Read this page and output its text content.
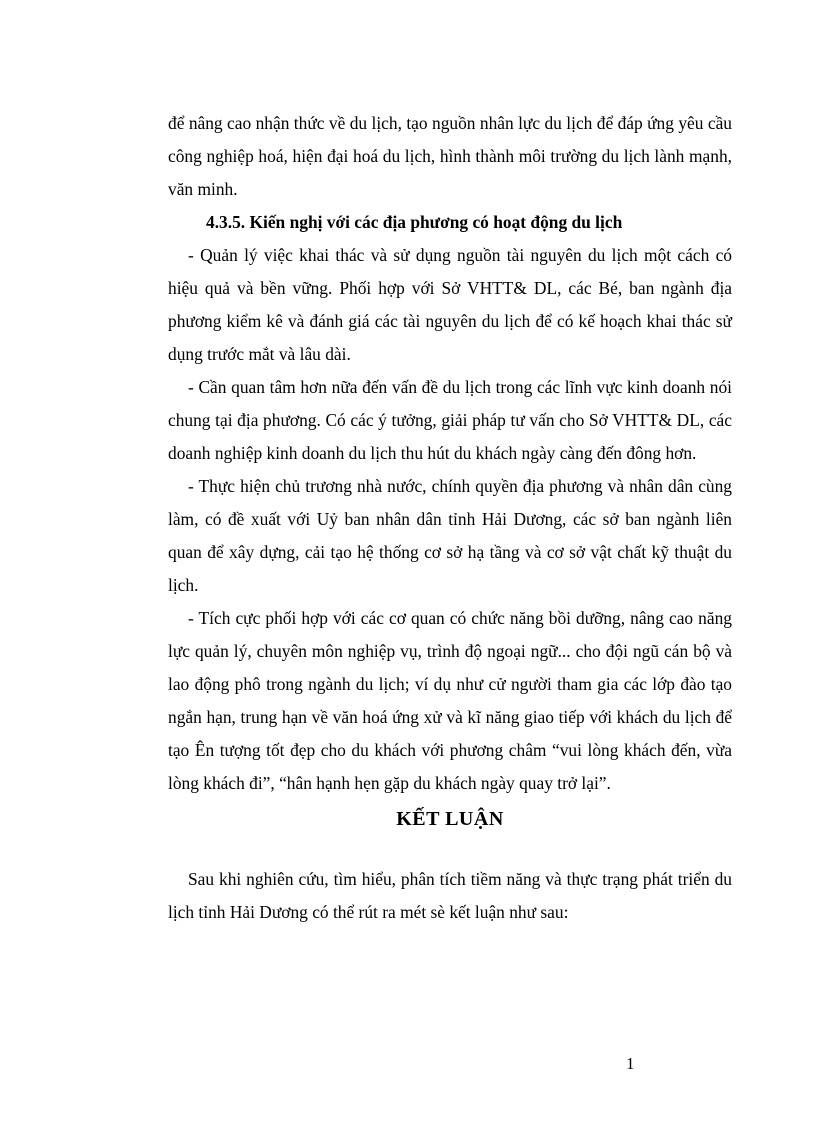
để nâng cao nhận thức về du lịch, tạo nguồn nhân lực du lịch để đáp ứng yêu cầu công nghiệp hoá, hiện đại hoá du lịch, hình thành môi trường du lịch lành mạnh, văn minh.

4.3.5. Kiến nghị với các địa phương có hoạt động du lịch

- Quản lý việc khai thác và sử dụng nguồn tài nguyên du lịch một cách có hiệu quả và bền vững. Phối hợp với Sở VHTT& DL, các Bé, ban ngành địa phương kiểm kê và đánh giá các tài nguyên du lịch để có kế hoạch khai thác sử dụng trước mắt và lâu dài.

- Cần quan tâm hơn nữa đến vấn đề du lịch trong các lĩnh vực kinh doanh nói chung tại địa phương. Có các ý tưởng, giải pháp tư vấn cho Sở VHTT& DL, các doanh nghiệp kinh doanh du lịch thu hút du khách ngày càng đến đông hơn.

- Thực hiện chủ trương nhà nước, chính quyền địa phương và nhân dân cùng làm, có đề xuất với Uỷ ban nhân dân tỉnh Hải Dương, các sở ban ngành liên quan để xây dựng, cải tạo hệ thống cơ sở hạ tầng và cơ sở vật chất kỹ thuật du lịch.

- Tích cực phối hợp với các cơ quan có chức năng bồi dưỡng, nâng cao năng lực quản lý, chuyên môn nghiệp vụ, trình độ ngoại ngữ... cho đội ngũ cán bộ và lao động phô trong ngành du lịch; ví dụ như cử người tham gia các lớp đào tạo ngắn hạn, trung hạn về văn hoá ứng xử và kĩ năng giao tiếp với khách du lịch để tạo Ên tượng tốt đẹp cho du khách với phương châm “vui lòng khách đến, vừa lòng khách đi”, “hân hạnh hẹn gặp du khách ngày quay trở lại”.

KẾT LUẬN

Sau khi nghiên cứu, tìm hiểu, phân tích tiềm năng và thực trạng phát triển du lịch tỉnh Hải Dương có thể rút ra mét sè kết luận như sau:

1
